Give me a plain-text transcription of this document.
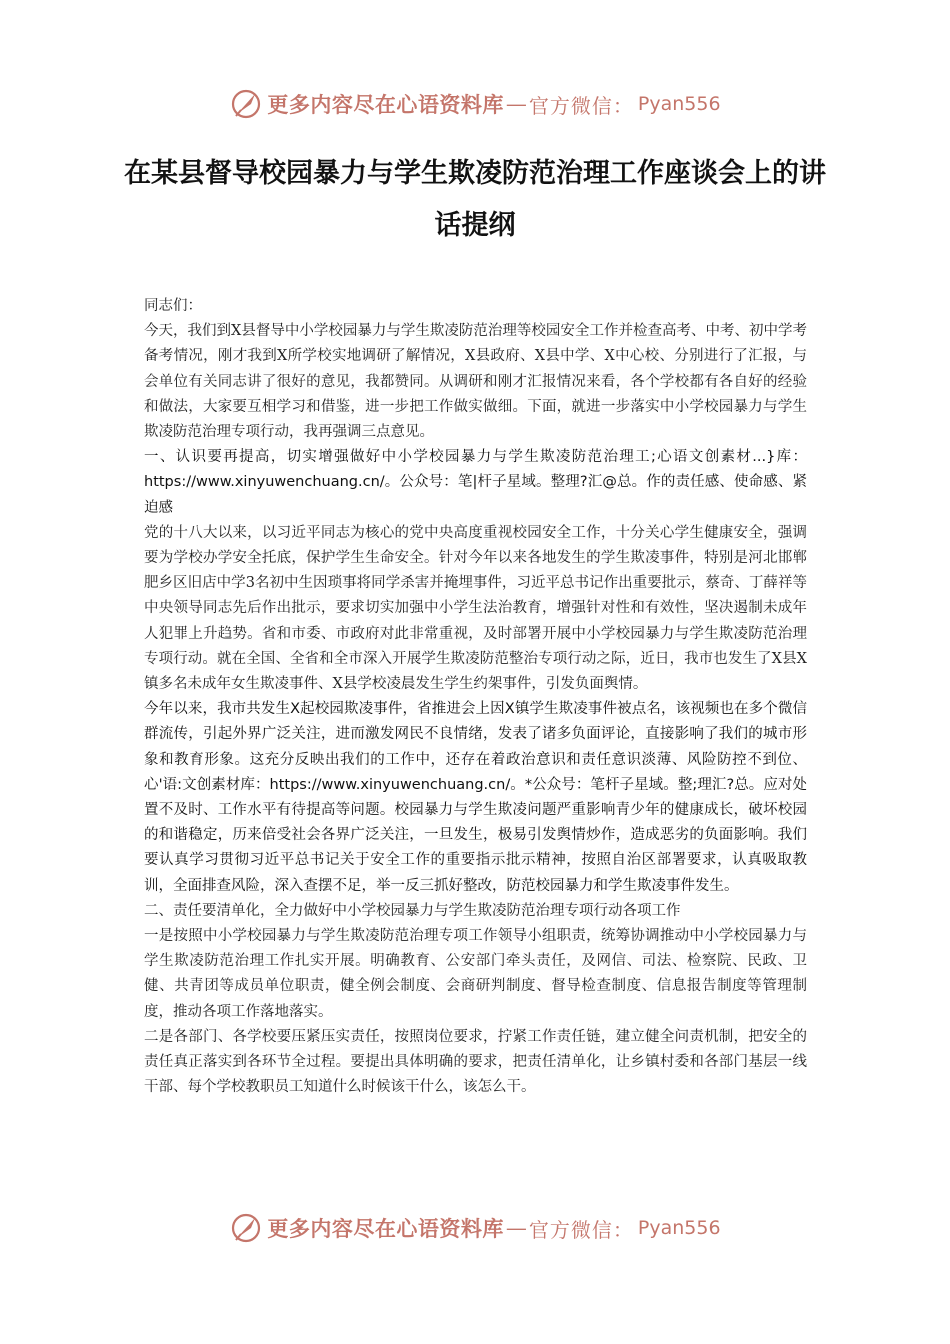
更多内容尽在心语资料库 — 官方微信： Pyan556
在某县督导校园暴力与学生欺凌防范治理工作座谈会上的讲话提纲

同志们：

今天，我们到X县督导中小学校园暴力与学生欺凌防范治理等校园安全工作并检查高考、中考、初中学考备考情况，刚才我到X所学校实地调研了解情况，X县政府、X县中学、X中心校、分别进行了汇报，与会单位有关同志讲了很好的意见，我都赞同。从调研和刚才汇报情况来看，各个学校都有各自好的经验和做法，大家要互相学习和借鉴，进一步把工作做实做细。下面，就进一步落实中小学校园暴力与学生欺凌防范治理专项行动，我再强调三点意见。

一、认识要再提高，切实增强做好中小学校园暴力与学生欺凌防范治理工;心语文创素材...}库：https://www.xinyuwenchuang.cn/。公众号：笔|杆子星域。整理?汇@总。作的责任感、使命感、紧迫感

党的十八大以来，以习近平同志为核心的党中央高度重视校园安全工作，十分关心学生健康安全，强调要为学校办学安全托底，保护学生生命安全。针对今年以来各地发生的学生欺凌事件，特别是河北邯郸肥乡区旧店中学3名初中生因琐事将同学杀害并掩埋事件，习近平总书记作出重要批示，蔡奇、丁薛祥等中央领导同志先后作出批示，要求切实加强中小学生法治教育，增强针对性和有效性，坚决遏制未成年人犯罪上升趋势。省和市委、市政府对此非常重视，及时部署开展中小学校园暴力与学生欺凌防范治理专项行动。就在全国、全省和全市深入开展学生欺凌防范整治专项行动之际，近日，我市也发生了X县X镇多名未成年女生欺凌事件、X县学校凌晨发生学生约架事件，引发负面舆情。

今年以来，我市共发生X起校园欺凌事件，省推进会上因X镇学生欺凌事件被点名，该视频也在多个微信群流传，引起外界广泛关注，进而激发网民不良情绪，发表了诸多负面评论，直接影响了我们的城市形象和教育形象。这充分反映出我们的工作中，还存在着政治意识和责任意识淡薄、风险防控不到位、心'语:文创素材库：https://www.xinyuwenchuang.cn/。*公众号：笔杆子星域。整;理汇?总。应对处置不及时、工作水平有待提高等问题。校园暴力与学生欺凌问题严重影响青少年的健康成长，破坏校园的和谐稳定，历来倍受社会各界广泛关注，一旦发生，极易引发舆情炒作，造成恶劣的负面影响。我们要认真学习贯彻习近平总书记关于安全工作的重要指示批示精神，按照自治区部署要求，认真吸取教训，全面排查风险，深入查摆不足，举一反三抓好整改，防范校园暴力和学生欺凌事件发生。

二、责任要清单化，全力做好中小学校园暴力与学生欺凌防范治理专项行动各项工作

一是按照中小学校园暴力与学生欺凌防范治理专项工作领导小组职责，统筹协调推动中小学校园暴力与学生欺凌防范治理工作扎实开展。明确教育、公安部门牵头责任，及网信、司法、检察院、民政、卫健、共青团等成员单位职责，健全例会制度、会商研判制度、督导检查制度、信息报告制度等管理制度，推动各项工作落地落实。

二是各部门、各学校要压紧压实责任，按照岗位要求，拧紧工作责任链，建立健全问责机制，把安全的责任真正落实到各环节全过程。要提出具体明确的要求，把责任清单化，让乡镇村委和各部门基层一线干部、每个学校教职员工知道什么时候该干什么，该怎么干。

更多内容尽在心语资料库 — 官方微信： Pyan556
